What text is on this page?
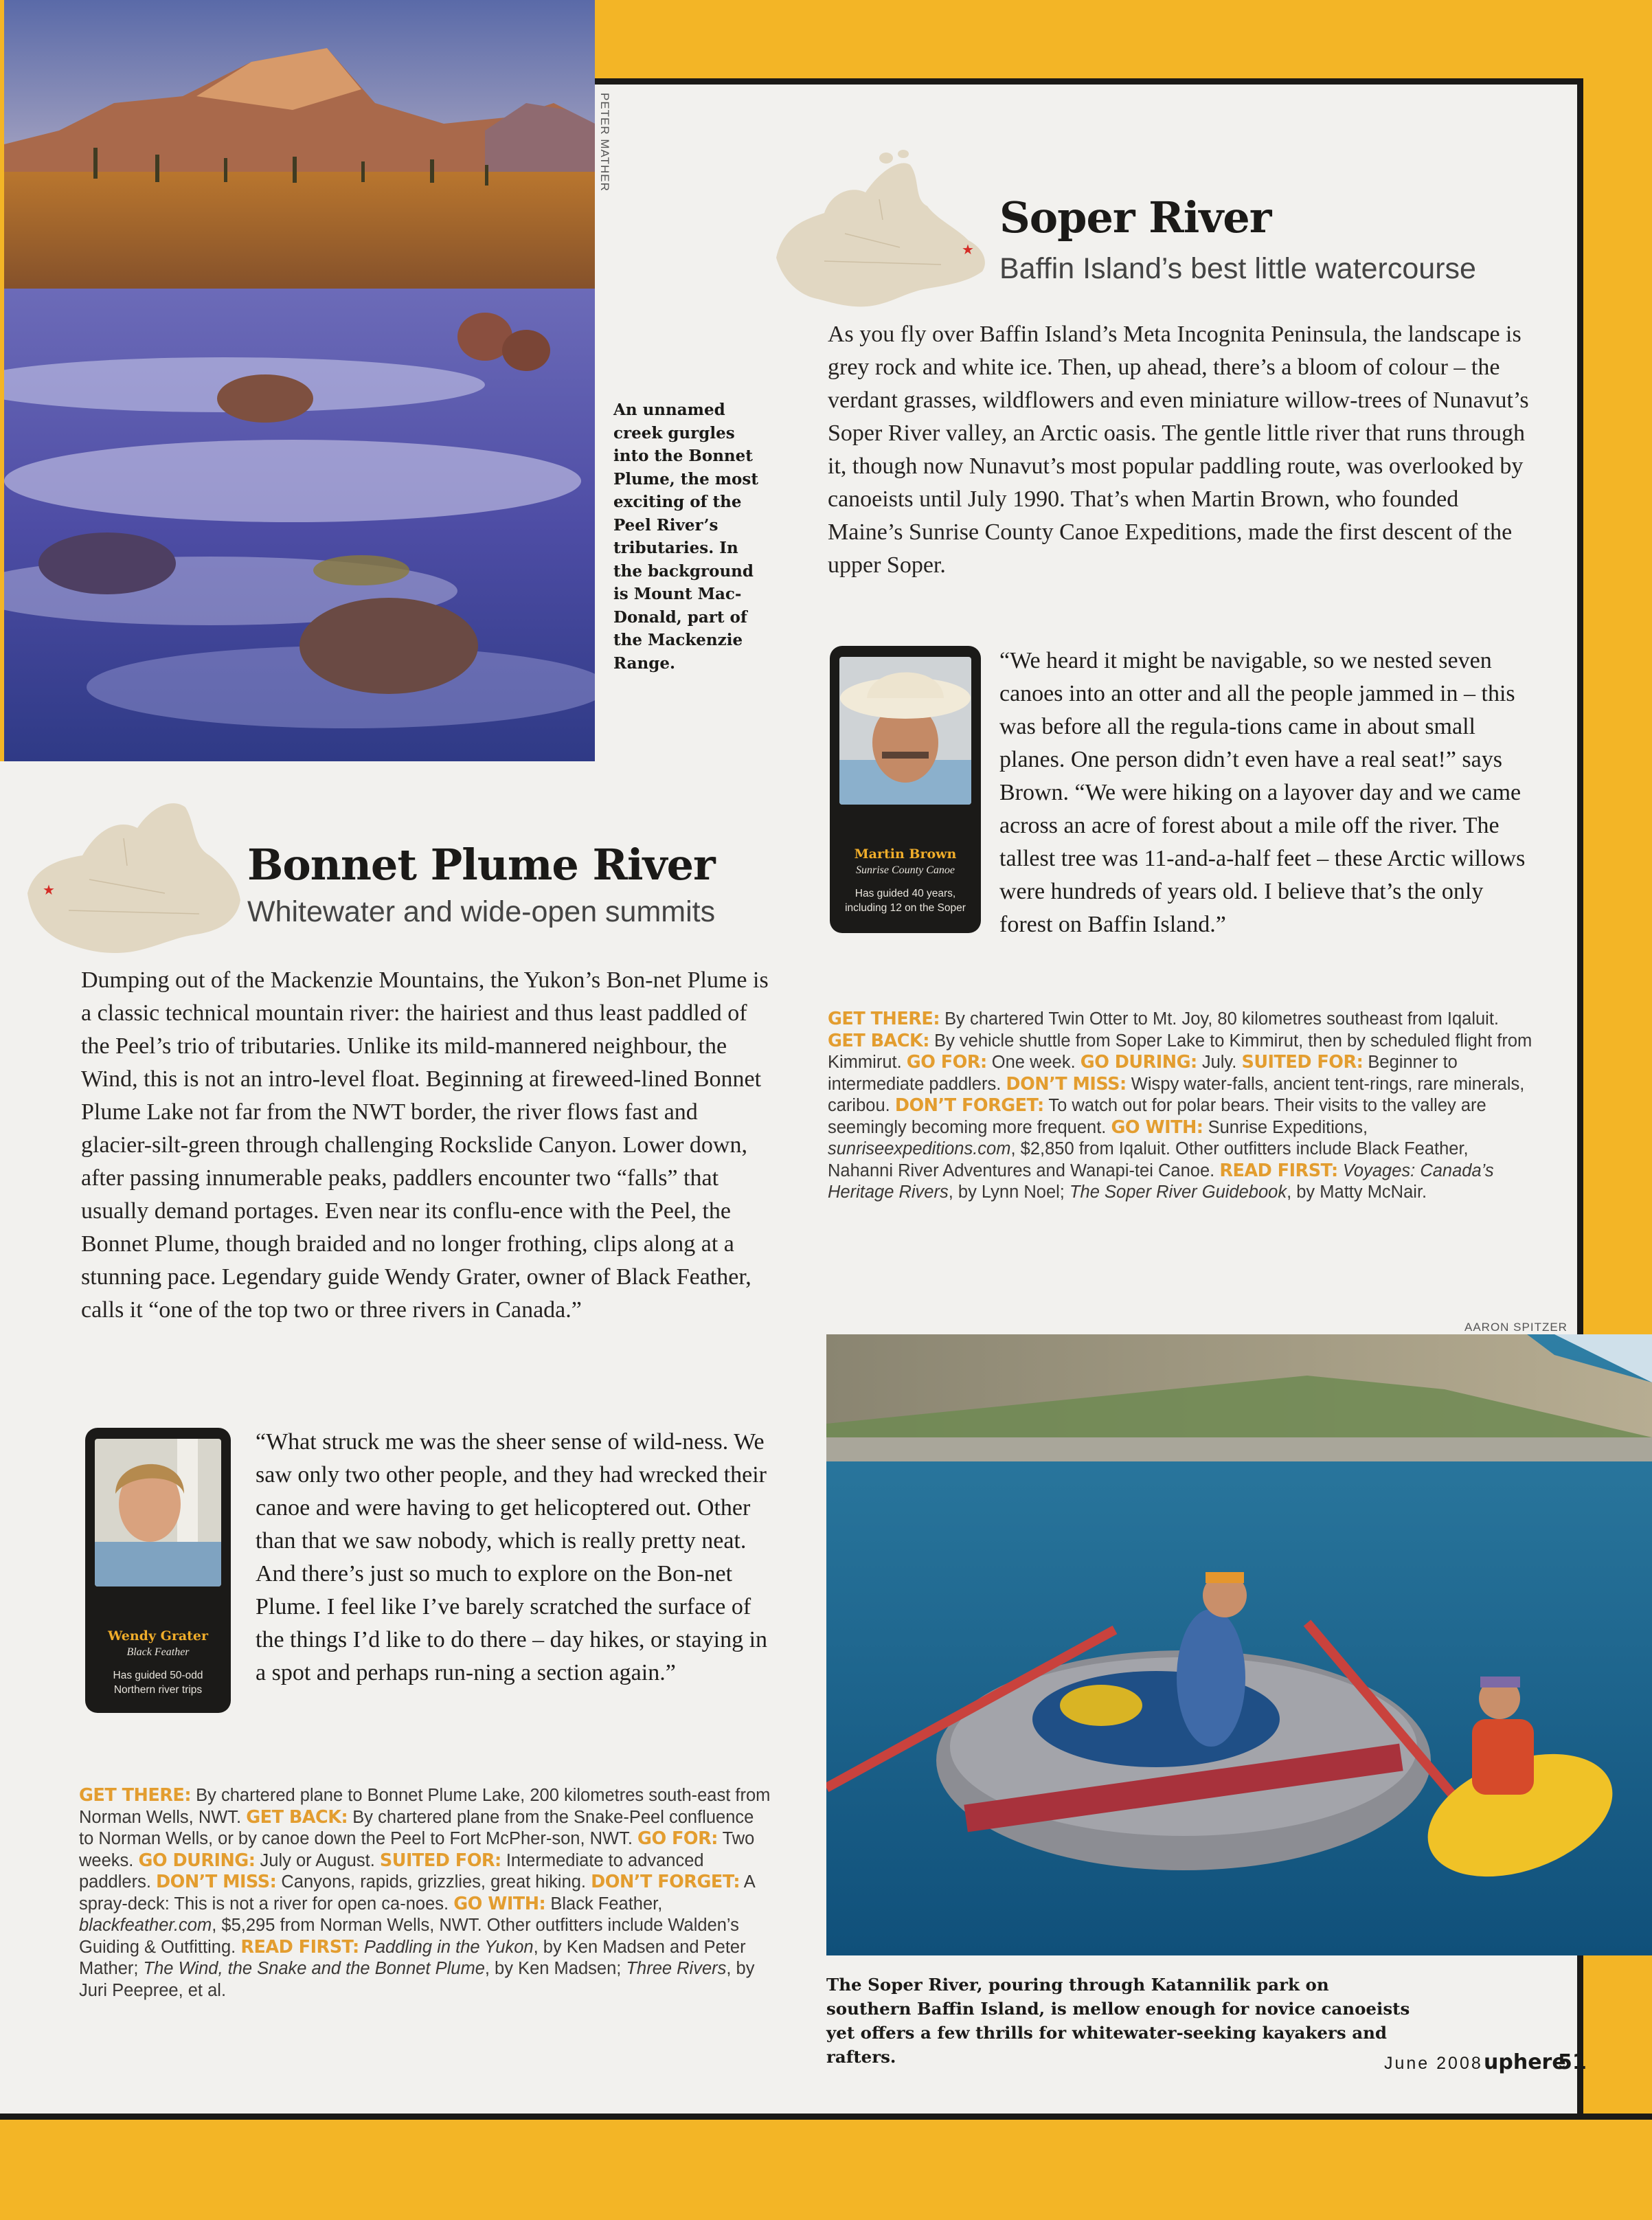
PETER MATHER
An unnamed creek gurgles into the Bonnet Plume, the most exciting of the Peel River’s tributaries. In the background is Mount Mac-Donald, part of the Mackenzie Range.
★
Soper River
Baffin Island’s best little watercourse
As you fly over Baffin Island’s Meta Incognita Peninsula, the landscape is grey rock and white ice. Then, up ahead, there’s a bloom of colour – the verdant grasses, wildflowers and even miniature willow-trees of Nunavut’s Soper River valley, an Arctic oasis. The gentle little river that runs through it, though now Nunavut’s most popular paddling route, was overlooked by canoeists until July 1990. That’s when Martin Brown, who founded Maine’s Sunrise County Canoe Expeditions, made the first descent of the upper Soper.
“We heard it might be navigable, so we nested seven canoes into an otter and all the people jammed in – this was before all the regula-tions came in about small planes. One person didn’t even have a real seat!” says Brown. “We were hiking on a layover day and we came across an acre of forest about a mile off the river. The tallest tree was 11-and-a-half feet – these Arctic willows were hundreds of years old. I believe that’s the only forest on Baffin Island.”
Martin Brown
Sunrise County Canoe
Has guided 40 years, including 12 on the Soper
GET THERE: By chartered Twin Otter to Mt. Joy, 80 kilometres southeast from Iqaluit. GET BACK: By vehicle shuttle from Soper Lake to Kimmirut, then by scheduled flight from Kimmirut. GO FOR: One week. GO DURING: July. SUITED FOR: Beginner to intermediate paddlers. DON’T MISS: Wispy water-falls, ancient tent-rings, rare minerals, caribou. DON’T FORGET: To watch out for polar bears. Their visits to the valley are seemingly becoming more frequent. GO WITH: Sunrise Expeditions, sunriseexpeditions.com, $2,850 from Iqaluit. Other outfitters include Black Feather, Nahanni River Adventures and Wanapi-tei Canoe. READ FIRST: Voyages: Canada’s Heritage Rivers, by Lynn Noel; The Soper River Guidebook, by Matty McNair.
AARON SPITZER
The Soper River, pouring through Katannilik park on southern Baffin Island, is mellow enough for novice canoeists yet offers a few thrills for whitewater-seeking kayakers and rafters.
★	Bonnet Plume River
Whitewater and wide-open summits
Dumping out of the Mackenzie Mountains, the Yukon’s Bon-net Plume is a classic technical mountain river: the hairiest and thus least paddled of the Peel’s trio of tributaries. Unlike its mild-mannered neighbour, the Wind, this is not an intro-level float. Beginning at fireweed-lined Bonnet Plume Lake not far from the NWT border, the river flows fast and glacier-silt-green through challenging Rockslide Canyon. Lower down, after passing innumerable peaks, paddlers encounter two “falls” that usually demand portages. Even near its conflu-ence with the Peel, the Bonnet Plume, though braided and no longer frothing, clips along at a stunning pace. Legendary guide Wendy Grater, owner of Black Feather, calls it “one of the top two or three rivers in Canada.”
“What struck me was the sheer sense of wild-ness. We saw only two other people, and they had wrecked their canoe and were having to get helicoptered out. Other than that we saw nobody, which is really pretty neat. And there’s just so much to explore on the Bon-net Plume. I feel like I’ve barely scratched the surface of the things I’d like to do there – day hikes, or staying in a spot and perhaps run-ning a section again.”
Wendy Grater
Black Feather
Has guided 50-odd Northern river trips
GET THERE: By chartered plane to Bonnet Plume Lake, 200 kilometres south-east from Norman Wells, NWT. GET BACK: By chartered plane from the Snake-Peel confluence to Norman Wells, or by canoe down the Peel to Fort McPher-son, NWT. GO FOR: Two weeks. GO DURING: July or August. SUITED FOR: Intermediate to advanced paddlers. DON’T MISS: Canyons, rapids, grizzlies, great hiking. DON’T FORGET: A spray-deck: This is not a river for open ca-noes. GO WITH: Black Feather, blackfeather.com, $5,295 from Norman Wells, NWT. Other outfitters include Walden’s Guiding & Outfitting. READ FIRST: Paddling in the Yukon, by Ken Madsen and Peter Mather; The Wind, the Snake and the Bonnet Plume, by Ken Madsen; Three Rivers, by Juri Peepree, et al.
June 2008 uphere
51
